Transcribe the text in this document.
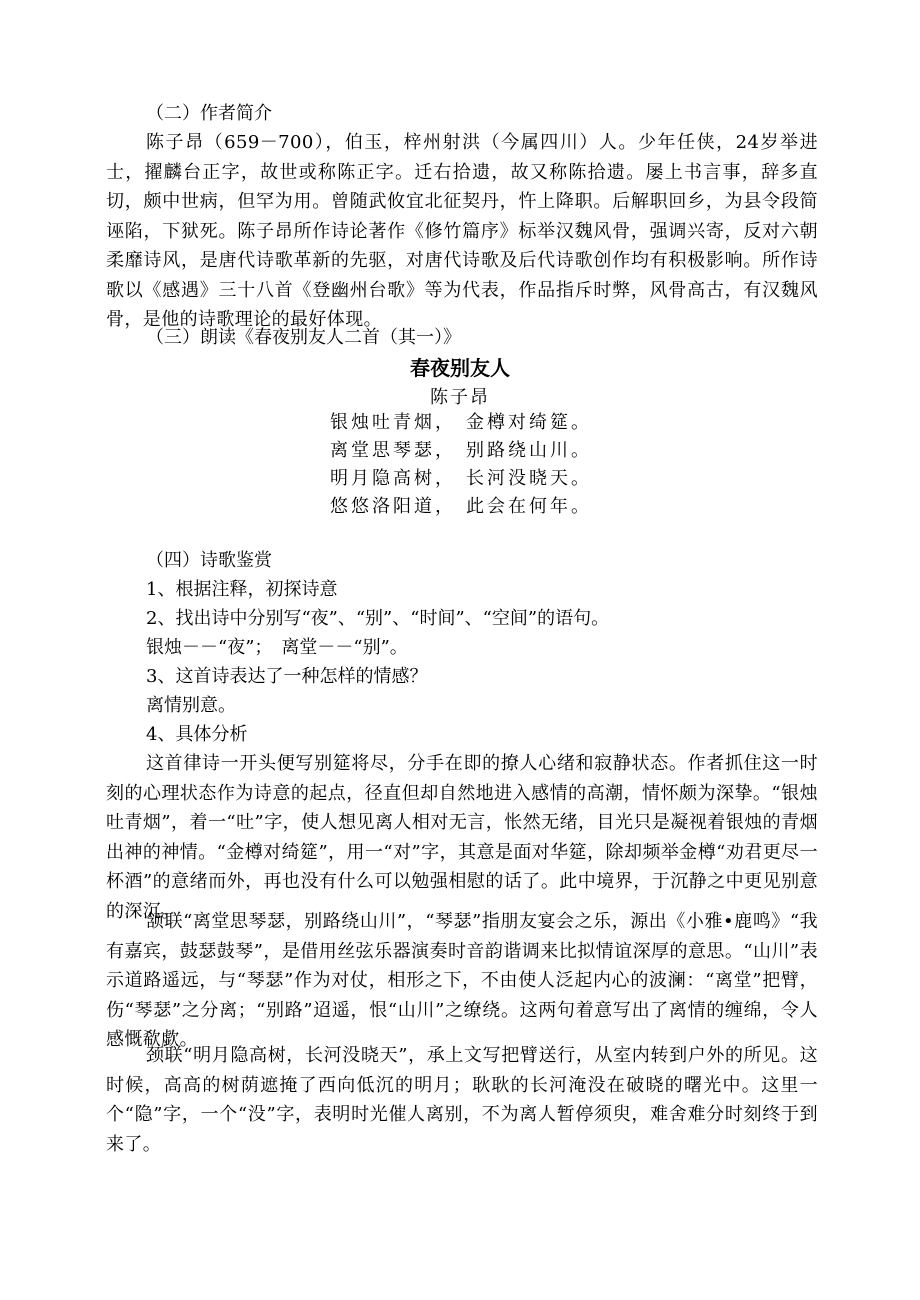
（二）作者简介

陈子昂（659－700），伯玉，梓州射洪（今属四川）人。少年任侠，24岁举进士，擢麟台正字，故世或称陈正字。迁右拾遗，故又称陈拾遗。屡上书言事，辞多直切，颇中世病，但罕为用。曾随武攸宜北征契丹，忤上降职。后解职回乡，为县令段简诬陷，下狱死。陈子昂所作诗论著作《修竹篇序》标举汉魏风骨，强调兴寄，反对六朝柔靡诗风，是唐代诗歌革新的先驱，对唐代诗歌及后代诗歌创作均有积极影响。所作诗歌以《感遇》三十八首《登幽州台歌》等为代表，作品指斥时弊，风骨高古，有汉魏风骨，是他的诗歌理论的最好体现。

（三）朗读《春夜别友人二首（其一）》

春夜别友人

陈子昂

银烛吐青烟， 金樽对绮筵。
离堂思琴瑟， 别路绕山川。
明月隐高树， 长河没晓天。
悠悠洛阳道， 此会在何年。

（四）诗歌鉴赏

1、根据注释，初探诗意

2、找出诗中分别写“夜”、“别”、“时间”、“空间”的语句。

银烛－－“夜”；　离堂－－“别”。

3、这首诗表达了一种怎样的情感？

离情别意。

4、具体分析

这首律诗一开头便写别筵将尽，分手在即的撩人心绪和寂静状态。作者抓住这一时刻的心理状态作为诗意的起点，径直但却自然地进入感情的高潮，情怀颇为深挚。“银烛吐青烟”，着一“吐”字，使人想见离人相对无言，怅然无绪，目光只是凝视着银烛的青烟出神的神情。“金樽对绮筵”，用一“对”字，其意是面对华筵，除却频举金樽“劝君更尽一杯酒”的意绪而外，再也没有什么可以勉强相慰的话了。此中境界，于沉静之中更见别意的深沉。

颔联“离堂思琴瑟，别路绕山川”，“琴瑟”指朋友宴会之乐，源出《小雅•鹿鸣》“我有嘉宾，鼓瑟鼓琴”，是借用丝弦乐器演奏时音韵谐调来比拟情谊深厚的意思。“山川”表示道路遥远，与“琴瑟”作为对仗，相形之下，不由使人泛起内心的波澜：“离堂”把臂，伤“琴瑟”之分离；“别路”迢遥，恨“山川”之缭绕。这两句着意写出了离情的缠绵，令人感慨欷歔。

颈联“明月隐高树，长河没晓天”，承上文写把臂送行，从室内转到户外的所见。这时候，高高的树荫遮掩了西向低沉的明月；耿耿的长河淹没在破晓的曙光中。这里一个“隐”字，一个“没”字，表明时光催人离别，不为离人暂停须臾，难舍难分时刻终于到来了。
